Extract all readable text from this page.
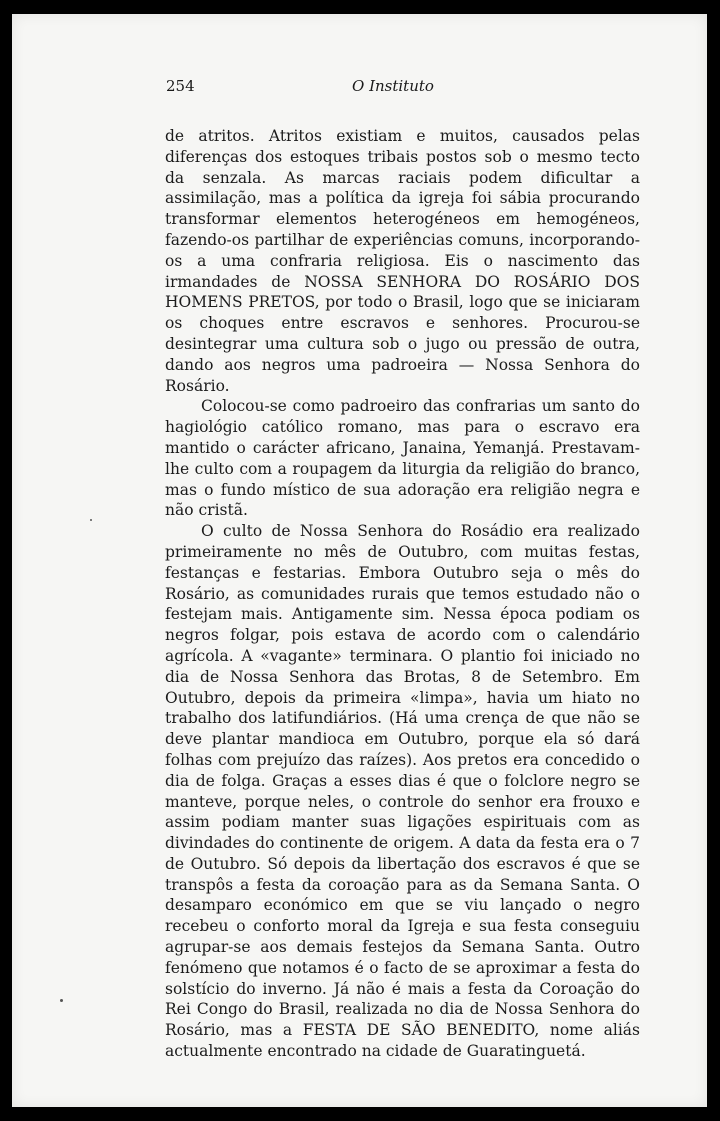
254	O Instituto

de atritos. Atritos existiam e muitos, causados pelas diferenças dos estoques tribais postos sob o mesmo tecto da senzala. As marcas raciais podem dificultar a assimilação, mas a política da igreja foi sábia procurando transformar elementos heterogéneos em hemogéneos, fazendo-os partilhar de experiências comuns, incorporando-os a uma confraria religiosa. Eis o nascimento das irmandades de NOSSA SENHORA DO ROSÁRIO DOS HOMENS PRETOS, por todo o Brasil, logo que se iniciaram os choques entre escravos e senhores. Procurou-se desintegrar uma cultura sob o jugo ou pressão de outra, dando aos negros uma padroeira — Nossa Senhora do Rosário.

Colocou-se como padroeiro das confrarias um santo do hagiológio católico romano, mas para o escravo era mantido o carácter africano, Janaina, Yemanjá. Prestavam-lhe culto com a roupagem da liturgia da religião do branco, mas o fundo místico de sua adoração era religião negra e não cristã.

O culto de Nossa Senhora do Rosádio era realizado primeiramente no mês de Outubro, com muitas festas, festanças e festarias. Embora Outubro seja o mês do Rosário, as comunidades rurais que temos estudado não o festejam mais. Antigamente sim. Nessa época podiam os negros folgar, pois estava de acordo com o calendário agrícola. A «vagante» terminara. O plantio foi iniciado no dia de Nossa Senhora das Brotas, 8 de Setembro. Em Outubro, depois da primeira «limpa», havia um hiato no trabalho dos latifundiários. (Há uma crença de que não se deve plantar mandioca em Outubro, porque ela só dará folhas com prejuízo das raízes). Aos pretos era concedido o dia de folga. Graças a esses dias é que o folclore negro se manteve, porque neles, o controle do senhor era frouxo e assim podiam manter suas ligações espirituais com as divindades do continente de origem. A data da festa era o 7 de Outubro. Só depois da libertação dos escravos é que se transpôs a festa da coroação para as da Semana Santa. O desamparo económico em que se viu lançado o negro recebeu o conforto moral da Igreja e sua festa conseguiu agrupar-se aos demais festejos da Semana Santa. Outro fenómeno que notamos é o facto de se aproximar a festa do solstício do inverno. Já não é mais a festa da Coroação do Rei Congo do Brasil, realizada no dia de Nossa Senhora do Rosário, mas a FESTA DE SÃO BENEDITO, nome aliás actualmente encontrado na cidade de Guaratinguetá.
